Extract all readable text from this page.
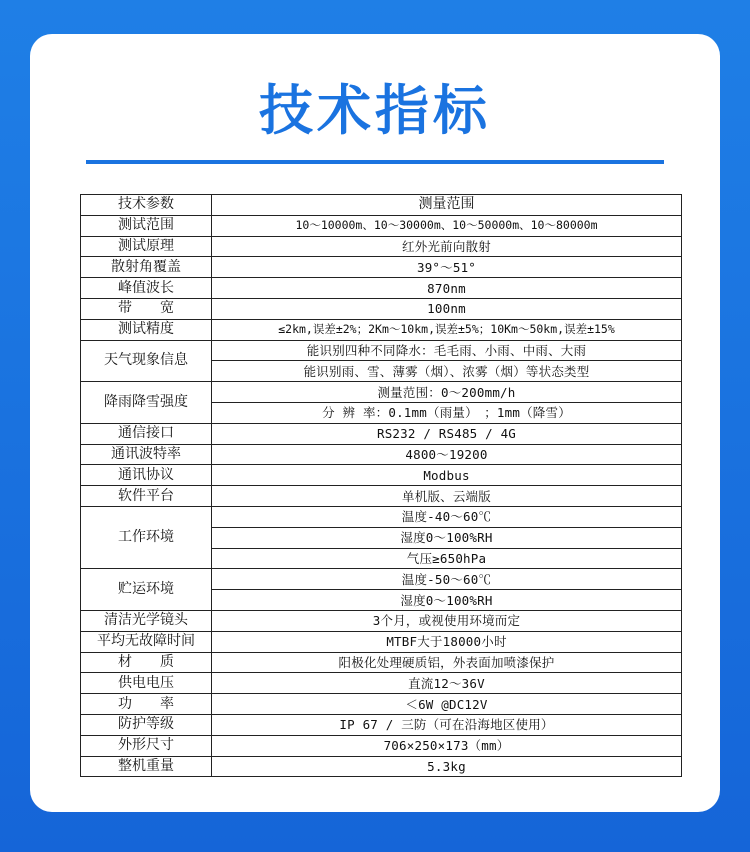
技术指标
技术参数	测量范围
测试范围	10～10000m、10～30000m、10～50000m、10～80000m
测试原理	红外光前向散射
散射角覆盖	39°～51°
峰值波长	870nm
带　　宽	100nm
测试精度	≤2km,误差±2%；2Km～10km,误差±5%；10Km～50km,误差±15%
天气现象信息	能识别四种不同降水：毛毛雨、小雨、中雨、大雨
	能识别雨、雪、薄雾（烟）、浓雾（烟）等状态类型
降雨降雪强度	测量范围：0～200mm/h
	分 辨 率：0.1mm（雨量）　；1mm（降雪）
通信接口	RS232 / RS485 / 4G
通讯波特率	4800～19200
通讯协议	Modbus
软件平台	单机版、云端版
工作环境	温度-40～60℃
	湿度0～100%RH
	气压≥650hPa
贮运环境	温度-50～60℃
	湿度0～100%RH
清洁光学镜头	3个月，或视使用环境而定
平均无故障时间	MTBF大于18000小时
材　　质	阳极化处理硬质铝，外表面加喷漆保护
供电电压	直流12～36V
功　　率	＜6W @DC12V
防护等级	IP 67 / 三防（可在沿海地区使用）
外形尺寸	706×250×173（mm）
整机重量	5.3kg
